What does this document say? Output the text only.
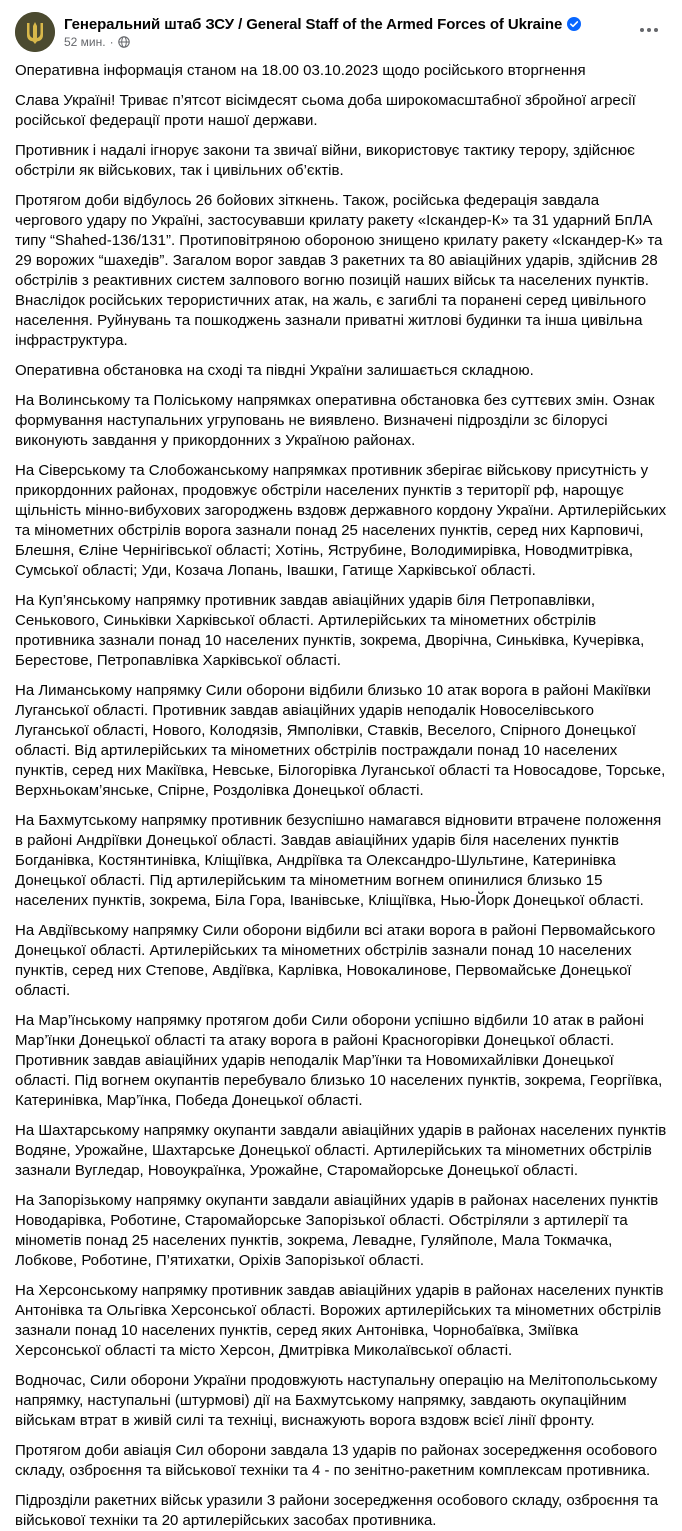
Генеральний штаб ЗСУ / General Staff of the Armed Forces of Ukraine
52 мин. ·

Оперативна інформація станом на 18.00 03.10.2023 щодо російського вторгнення

Слава Україні! Триває п’ятсот вісімдесят сьома доба широкомасштабної збройної агресії російської федерації проти нашої держави.

Противник і надалі ігнорує закони та звичаї війни, використовує тактику терору, здійснює обстріли як військових, так і цивільних об’єктів.

Протягом доби відбулось 26 бойових зіткнень. Також, російська федерація завдала чергового удару по Україні, застосувавши крилату ракету «Іскандер-К» та 31 ударний БпЛА типу “Shahed-136/131”. Протиповітряною обороною знищено крилату ракету «Іскандер-К» та 29 ворожих “шахедів”. Загалом ворог завдав 3 ракетних та 80 авіаційних ударів, здійснив 28 обстрілів з реактивних систем залпового вогню позицій наших військ та населених пунктів. Внаслідок російських терористичних атак, на жаль, є загиблі та поранені серед цивільного населення. Руйнувань та пошкоджень зазнали приватні житлові будинки та інша цивільна інфраструктура.

Оперативна обстановка на сході та півдні України залишається складною.

На Волинському та Поліському напрямках оперативна обстановка без суттєвих змін. Ознак формування наступальних угруповань не виявлено. Визначені підрозділи зс білорусі виконують завдання у прикордонних з Україною районах.

На Сіверському та Слобожанському напрямках противник зберігає військову присутність у прикордонних районах, продовжує обстріли населених пунктів з території рф, нарощує щільність мінно-вибухових загороджень вздовж державного кордону України. Артилерійських та мінометних обстрілів ворога зазнали понад 25 населених пунктів, серед них Карповичі, Блешня, Єліне Чернігівської області; Хотінь, Яструбине, Володимирівка, Новодмитрівка, Сумської області; Уди, Козача Лопань, Івашки, Гатище Харківської області.

На Куп’янському напрямку противник завдав авіаційних ударів біля Петропавлівки, Сенькового, Синьківки Харківської області. Артилерійських та мінометних обстрілів противника зазнали понад 10 населених пунктів, зокрема, Дворічна, Синьківка, Кучерівка, Берестове, Петропавлівка Харківської області.

На Лиманському напрямку Сили оборони відбили близько 10 атак ворога в районі Макіївки Луганської області. Противник завдав авіаційних ударів неподалік Новоселівського Луганської області, Нового, Колодязів, Ямполівки, Ставків, Веселого, Спірного Донецької області. Від артилерійських та мінометних обстрілів постраждали понад 10 населених пунктів, серед них Макіївка, Невське, Білогорівка Луганської області та Новосадове, Торське, Верхньокам’янське, Спірне, Роздолівка Донецької області.

На Бахмутському напрямку противник безуспішно намагався відновити втрачене положення в районі Андріївки Донецької області. Завдав авіаційних ударів біля населених пунктів Богданівка, Костянтинівка, Кліщіївка, Андріївка та Олександро-Шультине, Катеринівка Донецької області. Під артилерійським та мінометним вогнем опинилися близько 15 населених пунктів, зокрема, Біла Гора, Іванівське, Кліщіївка, Нью-Йорк Донецької області.

На Авдіївському напрямку Сили оборони відбили всі атаки ворога в районі Первомайського Донецької області. Артилерійських та мінометних обстрілів зазнали понад 10 населених пунктів, серед них Степове, Авдіївка, Карлівка, Новокалинове, Первомайське Донецької області.

На Мар’їнському напрямку протягом доби Сили оборони успішно відбили 10 атак в районі Мар’їнки Донецької області та атаку ворога в районі Красногорівки Донецької області. Противник завдав авіаційних ударів неподалік Мар’їнки та Новомихайлівки Донецької області. Під вогнем окупантів перебувало близько 10 населених пунктів, зокрема, Георгіївка, Катеринівка, Мар’їнка, Победа Донецької області.

На Шахтарському напрямку окупанти завдали авіаційних ударів в районах населених пунктів Водяне, Урожайне, Шахтарське Донецької області. Артилерійських та мінометних обстрілів зазнали Вугледар, Новоукраїнка, Урожайне, Старомайорське Донецької області.

На Запорізькому напрямку окупанти завдали авіаційних ударів в районах населених пунктів Новодарівка, Роботине, Старомайорське Запорізької області. Обстріляли з артилерії та мінометів понад 25 населених пунктів, зокрема, Левадне, Гуляйполе, Мала Токмачка, Лобкове, Роботине, П’ятихатки, Оріхів Запорізької області.

На Херсонському напрямку противник завдав авіаційних ударів в районах населених пунктів Антонівка та Ольгівка Херсонської області. Ворожих артилерійських та мінометних обстрілів зазнали понад 10 населених пунктів, серед яких Антонівка, Чорнобаївка, Зміївка Херсонської області та місто Херсон, Дмитрівка Миколаївської області.

Водночас, Сили оборони України продовжують наступальну операцію на Мелітопольському напрямку, наступальні (штурмові) дії на Бахмутському напрямку, завдають окупаційним військам втрат в живій силі та техніці, виснажують ворога вздовж всієї лінії фронту.

Протягом доби авіація Сил оборони завдала 13 ударів по районах зосередження особового складу, озброєння та військової техніки та 4 - по зенітно-ракетним комплексам противника.

Підрозділи ракетних військ уразили 3 райони зосередження особового складу, озброєння та військової техніки та 20 артилерійських засобах противника.
